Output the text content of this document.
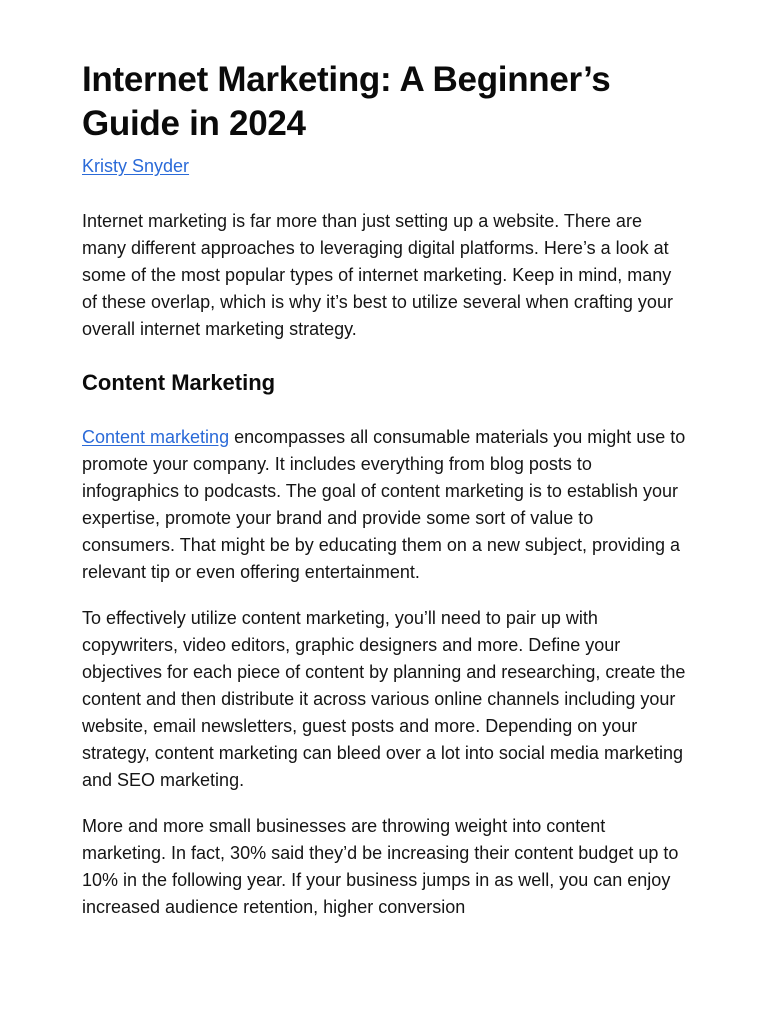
Internet Marketing: A Beginner’s Guide in 2024
Kristy Snyder

Internet marketing is far more than just setting up a website. There are many different approaches to leveraging digital platforms. Here’s a look at some of the most popular types of internet marketing. Keep in mind, many of these overlap, which is why it’s best to utilize several when crafting your overall internet marketing strategy.

Content Marketing

Content marketing encompasses all consumable materials you might use to promote your company. It includes everything from blog posts to infographics to podcasts. The goal of content marketing is to establish your expertise, promote your brand and provide some sort of value to consumers. That might be by educating them on a new subject, providing a relevant tip or even offering entertainment.

To effectively utilize content marketing, you’ll need to pair up with copywriters, video editors, graphic designers and more. Define your objectives for each piece of content by planning and researching, create the content and then distribute it across various online channels including your website, email newsletters, guest posts and more. Depending on your strategy, content marketing can bleed over a lot into social media marketing and SEO marketing.

More and more small businesses are throwing weight into content marketing. In fact, 30% said they’d be increasing their content budget up to 10% in the following year. If your business jumps in as well, you can enjoy increased audience retention, higher conversion
